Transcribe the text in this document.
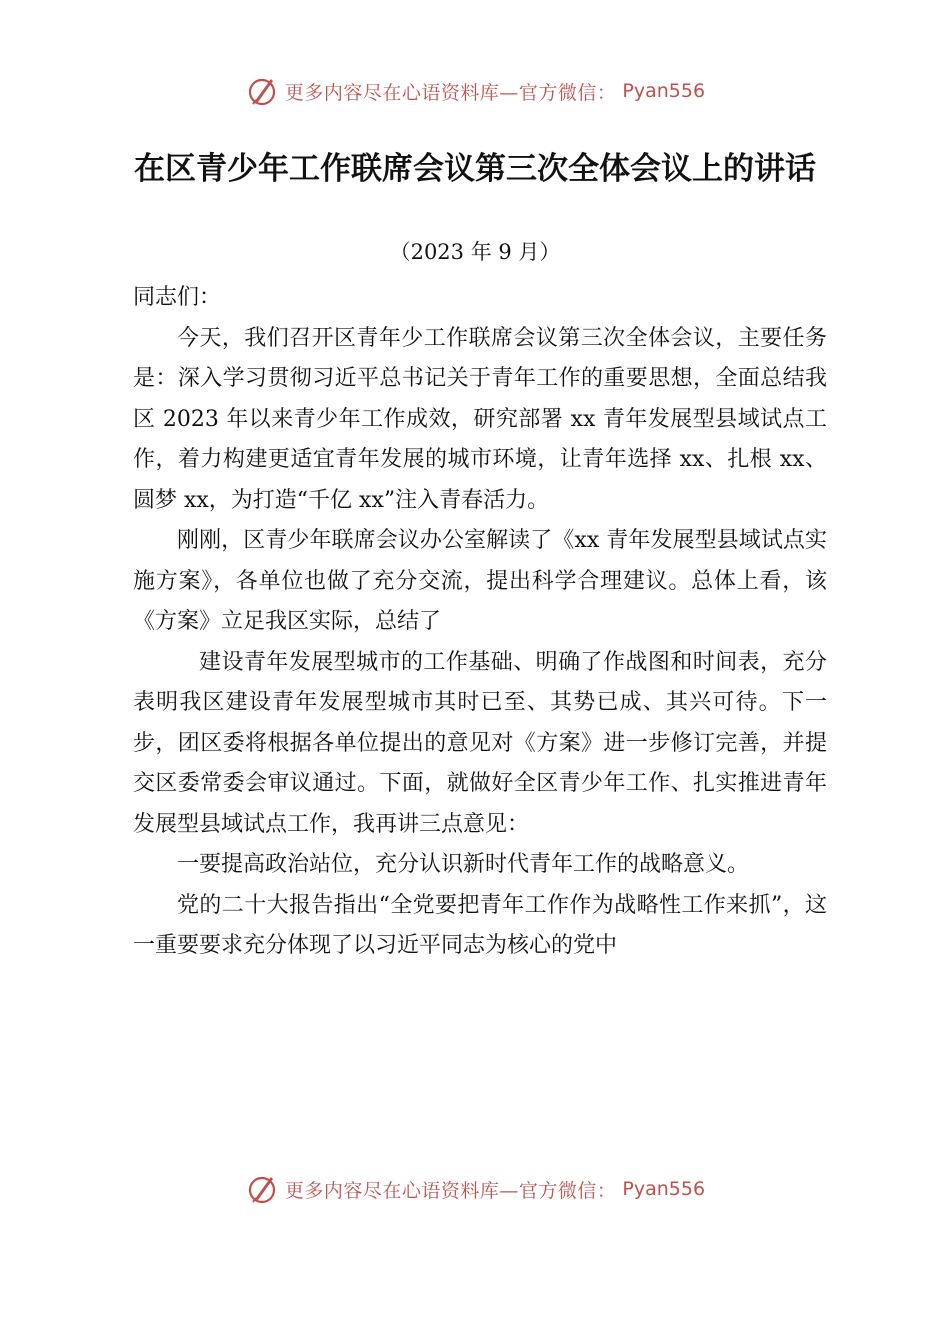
更多内容尽在心语资料库—官方微信： Pyan556
在区青少年工作联席会议第三次全体会议上的讲话
（2023 年 9 月）

同志们：

今天，我们召开区青年少工作联席会议第三次全体会议，主要任务是：深入学习贯彻习近平总书记关于青年工作的重要思想，全面总结我区 2023 年以来青少年工作成效，研究部署 xx 青年发展型县域试点工作，着力构建更适宜青年发展的城市环境，让青年选择 xx、扎根 xx、圆梦 xx，为打造“千亿 xx”注入青春活力。

刚刚，区青少年联席会议办公室解读了《xx 青年发展型县域试点实施方案》，各单位也做了充分交流，提出科学合理建议。总体上看，该《方案》立足我区实际，总结了

建设青年发展型城市的工作基础、明确了作战图和时间表，充分表明我区建设青年发展型城市其时已至、其势已成、其兴可待。下一步，团区委将根据各单位提出的意见对《方案》进一步修订完善，并提交区委常委会审议通过。下面，就做好全区青少年工作、扎实推进青年发展型县域试点工作，我再讲三点意见：

一要提高政治站位，充分认识新时代青年工作的战略意义。

党的二十大报告指出“全党要把青年工作作为战略性工作来抓”，这一重要要求充分体现了以习近平同志为核心的党中

更多内容尽在心语资料库—官方微信： Pyan556
